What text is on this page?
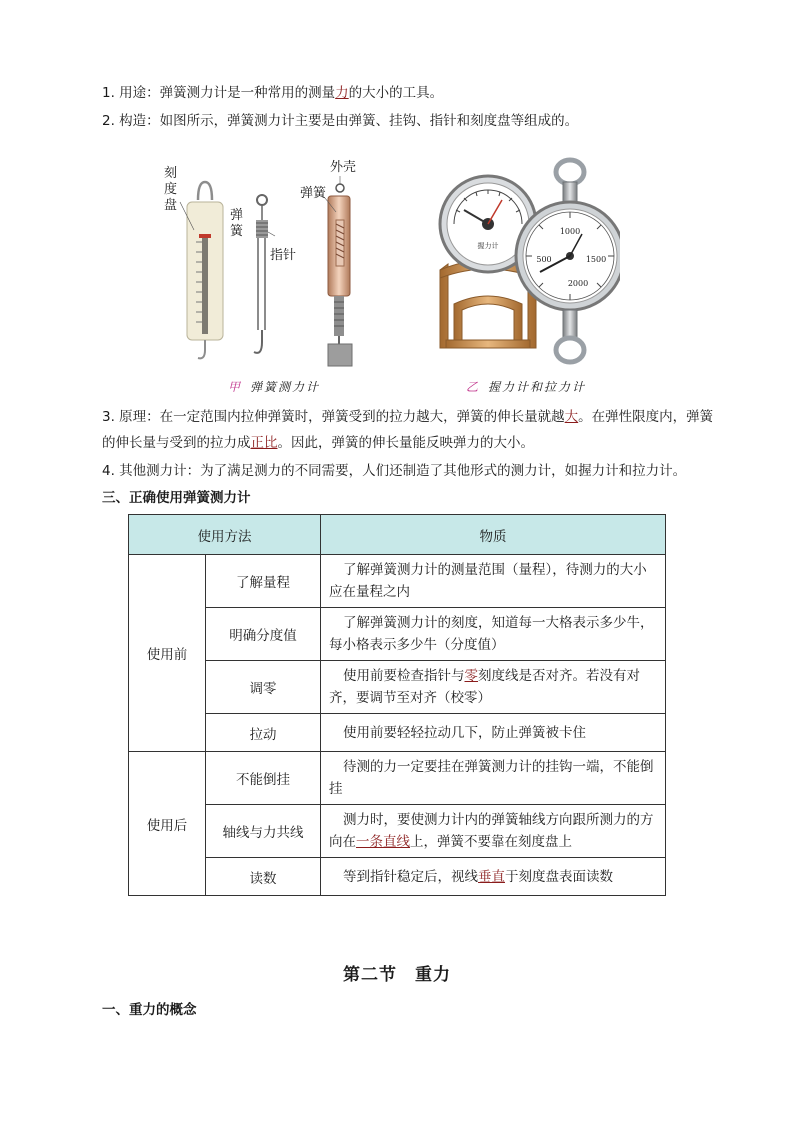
1. 用途：弹簧测力计是一种常用的测量力的大小的工具。
2. 构造：如图所示，弹簧测力计主要是由弹簧、挂钩、指针和刻度盘等组成的。
握力计
1000
1500
2000
500
刻
度
盘
弹
簧
指针
外壳
弹簧
甲 弹簧测力计	乙 握力计和拉力计
3. 原理：在一定范围内拉伸弹簧时，弹簧受到的拉力越大，弹簧的伸长量就越大。在弹性限度内，弹簧的伸长量与受到的拉力成正比。因此，弹簧的伸长量能反映弹力的大小。
4. 其他测力计：为了满足测力的不同需要，人们还制造了其他形式的测力计，如握力计和拉力计。
三、正确使用弹簧测力计
使用方法		物质
使用前	了解量程	了解弹簧测力计的测量范围（量程），待测力的大小应在量程之内
	明确分度值	了解弹簧测力计的刻度，知道每一大格表示多少牛，每小格表示多少牛（分度值）
	调零	使用前要检查指针与零刻度线是否对齐。若没有对齐，要调节至对齐（校零）
	拉动	使用前要轻轻拉动几下，防止弹簧被卡住
使用后	不能倒挂	待测的力一定要挂在弹簧测力计的挂钩一端，不能倒挂
	轴线与力共线	测力时，要使测力计内的弹簧轴线方向跟所测力的方向在一条直线上，弹簧不要靠在刻度盘上
	读数	等到指针稳定后，视线垂直于刻度盘表面读数
第二节　重力
一、重力的概念
